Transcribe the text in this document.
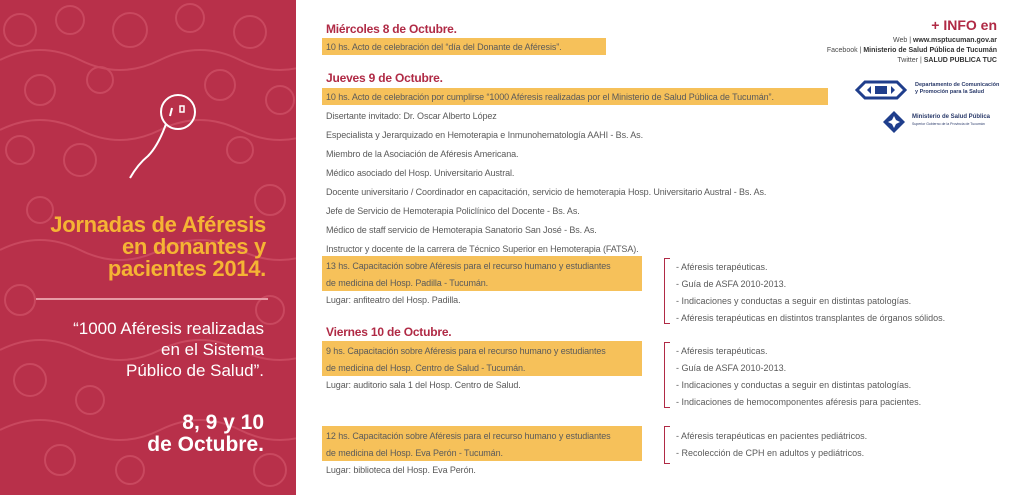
Jornadas de Aféresis
en donantes y
pacientes 2014.
“1000 Aféresis realizadas
en el Sistema
Público de Salud”.
8, 9 y 10
de Octubre.
Miércoles 8 de Octubre.
10 hs. Acto de celebración del “día del Donante de Aféresis”.
Jueves 9 de Octubre.
10 hs. Acto de celebración por cumplirse “1000 Aféresis realizadas por el Ministerio de Salud Pública de Tucumán”.
Disertante invitado: Dr. Oscar Alberto López
Especialista y Jerarquizado en Hemoterapia e Inmunohematología AAHI - Bs. As.
Miembro de la Asociación de Aféresis Americana.
Médico asociado del Hosp. Universitario Austral.
Docente universitario / Coordinador en capacitación, servicio de hemoterapia Hosp. Universitario Austral - Bs. As.
Jefe de Servicio de Hemoterapia Policlínico del Docente - Bs. As.
Médico de staff servicio de Hemoterapia Sanatorio San José - Bs. As.
Instructor y docente de la carrera de Técnico Superior en Hemoterapia (FATSA).
13 hs. Capacitación sobre Aféresis para el recurso humano y estudiantes
de medicina del Hosp. Padilla - Tucumán.
Lugar: anfiteatro del Hosp. Padilla.
- Aféresis terapéuticas.
- Guía de ASFA 2010-2013.
- Indicaciones y conductas a seguir en distintas patologías.
- Aféresis terapéuticas en distintos transplantes de órganos sólidos.
Viernes 10 de Octubre.
9 hs. Capacitación sobre Aféresis para el recurso humano y estudiantes
de medicina del Hosp. Centro de Salud - Tucumán.
Lugar: auditorio sala 1 del Hosp. Centro de Salud.
- Aféresis terapéuticas.
- Guía de ASFA 2010-2013.
- Indicaciones y conductas a seguir en distintas patologías.
- Indicaciones de hemocomponentes aféresis para pacientes.
12 hs. Capacitación sobre Aféresis para el recurso humano y estudiantes
de medicina del Hosp. Eva Perón - Tucumán.
Lugar: biblioteca del Hosp. Eva Perón.
- Aféresis terapéuticas en pacientes pediátricos.
- Recolección de CPH en adultos y pediátricos.
+ INFO en
Web | www.msptucuman.gov.ar
Facebook | Ministerio de Salud Pública de Tucumán
Twitter | SALUD PUBLICA TUC
Departamento de Comunicación
y Promoción para la Salud
Ministerio de Salud Pública
Superior Gobierno de la Provincia de Tucumán
